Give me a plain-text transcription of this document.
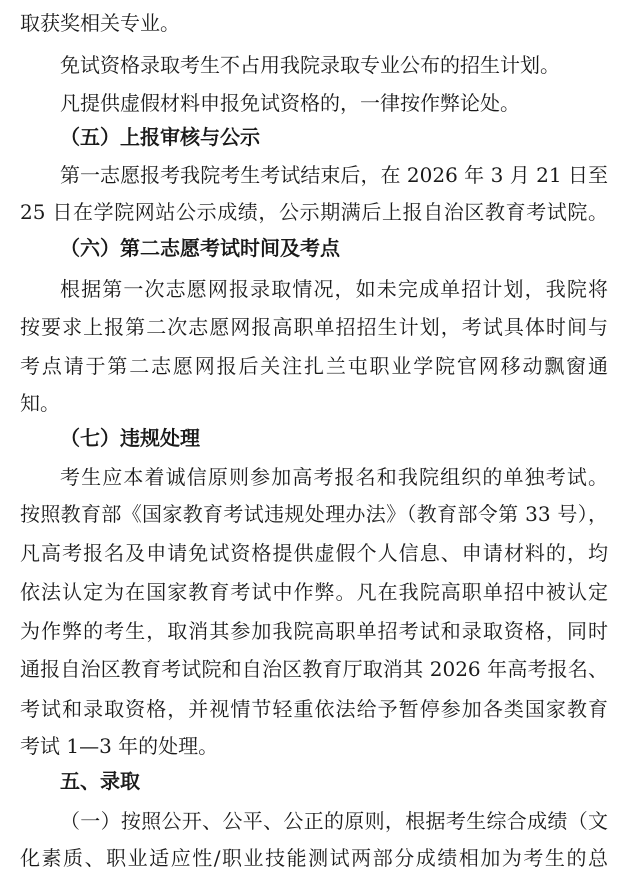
取获奖相关专业。
免试资格录取考生不占用我院录取专业公布的招生计划。
凡提供虚假材料申报免试资格的，一律按作弊论处。
（五）上报审核与公示
第一志愿报考我院考生考试结束后，在 2026 年 3 月 21 日至
25 日在学院网站公示成绩，公示期满后上报自治区教育考试院。
（六）第二志愿考试时间及考点
根据第一次志愿网报录取情况，如未完成单招计划，我院将
按要求上报第二次志愿网报高职单招招生计划，考试具体时间与
考点请于第二志愿网报后关注扎兰屯职业学院官网移动飘窗通
知。
（七）违规处理
考生应本着诚信原则参加高考报名和我院组织的单独考试。
按照教育部《国家教育考试违规处理办法》（教育部令第 33 号），
凡高考报名及申请免试资格提供虚假个人信息、申请材料的，均
依法认定为在国家教育考试中作弊。凡在我院高职单招中被认定
为作弊的考生，取消其参加我院高职单招考试和录取资格，同时
通报自治区教育考试院和自治区教育厅取消其 2026 年高考报名、
考试和录取资格，并视情节轻重依法给予暂停参加各类国家教育
考试 1—3 年的处理。
五、录取
（一）按照公开、公平、公正的原则，根据考生综合成绩（文
化素质、职业适应性/职业技能测试两部分成绩相加为考生的总
